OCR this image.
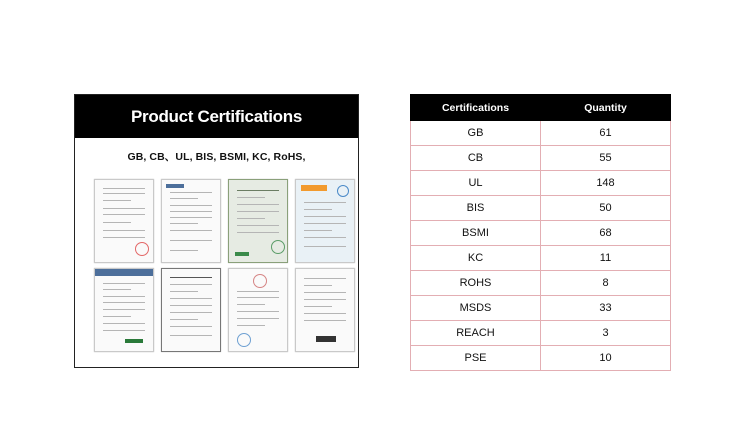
Product Certifications
GB, CB、UL, BIS, BSMI, KC, RoHS,
Certifications	Quantity
GB	61
CB	55
UL	148
BIS	50
BSMI	68
KC	11
ROHS	8
MSDS	33
REACH	3
PSE	10
